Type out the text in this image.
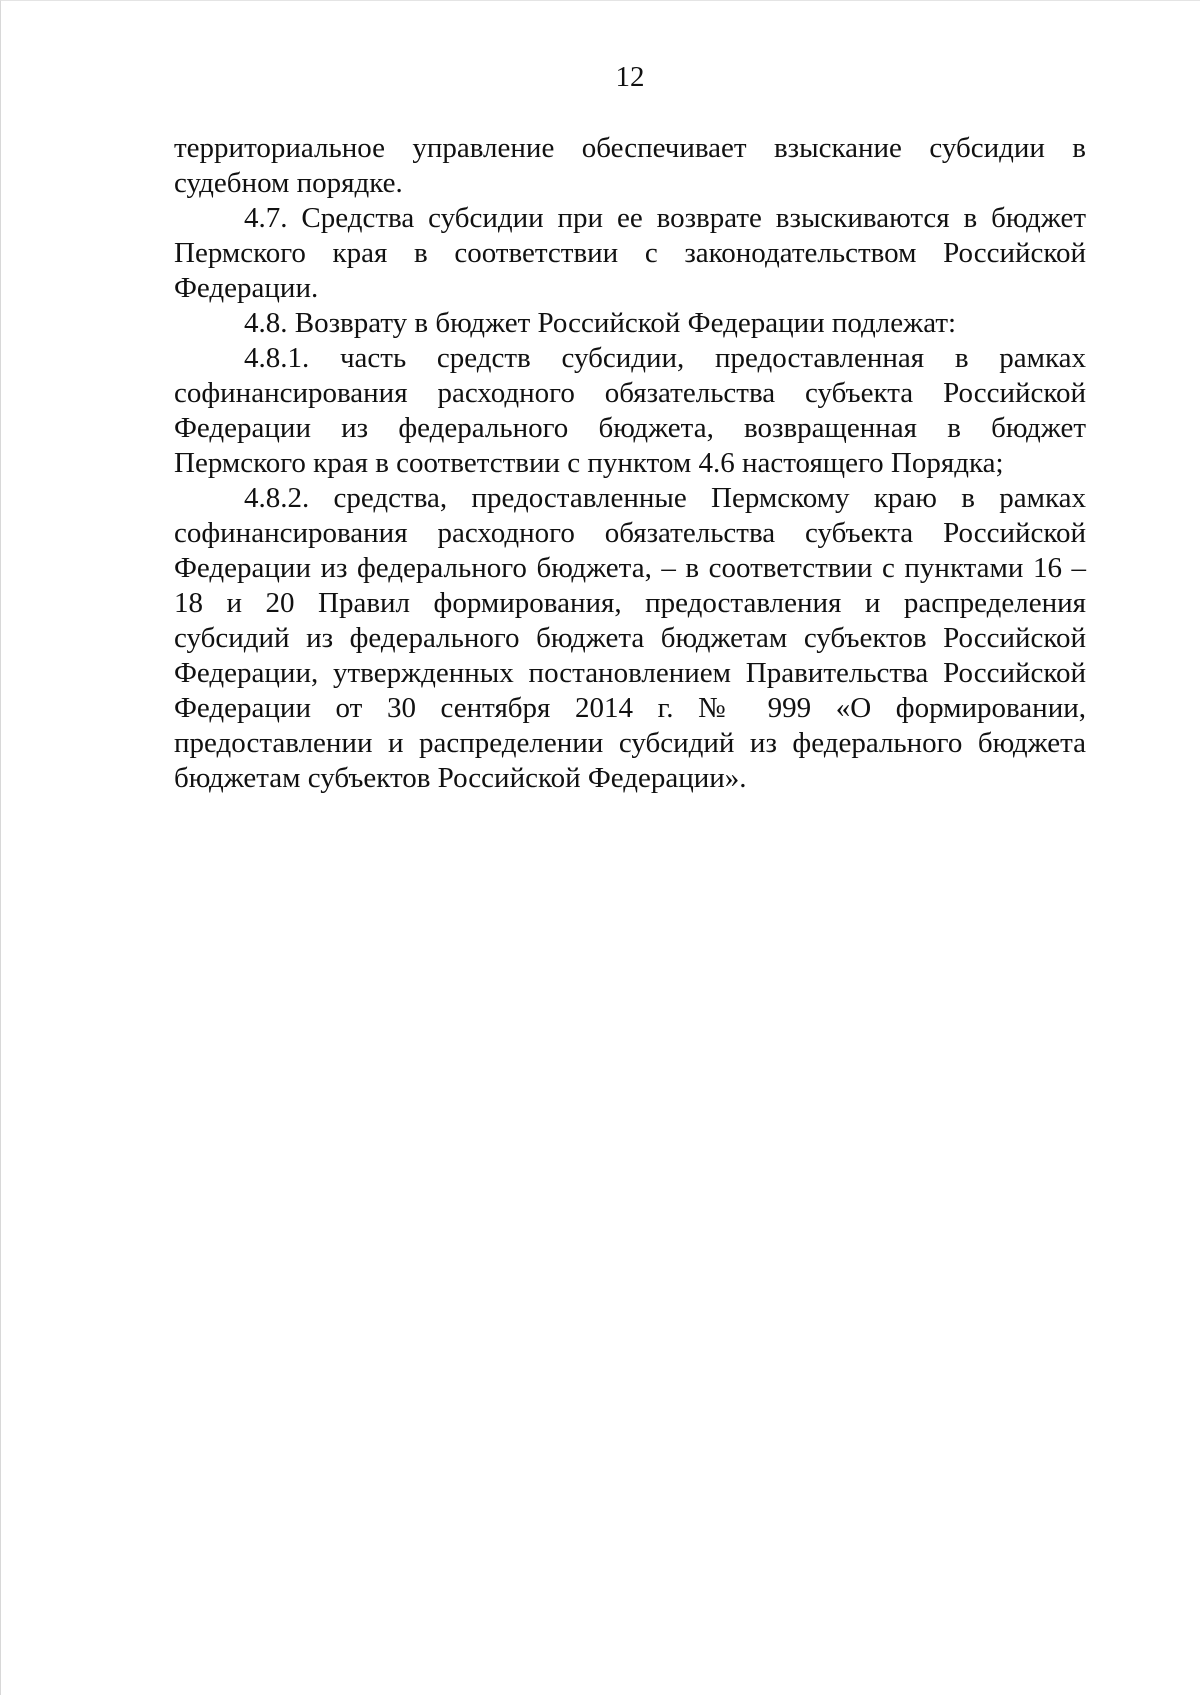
12

территориальное управление обеспечивает взыскание субсидии в судебном порядке.

4.7. Средства субсидии при ее возврате взыскиваются в бюджет Пермского края в соответствии с законодательством Российской Федерации.

4.8. Возврату в бюджет Российской Федерации подлежат:

4.8.1. часть средств субсидии, предоставленная в рамках софинансирования расходного обязательства субъекта Российской Федерации из федерального бюджета, возвращенная в бюджет Пермского края в соответствии с пунктом 4.6 настоящего Порядка;

4.8.2. средства, предоставленные Пермскому краю в рамках софинансирования расходного обязательства субъекта Российской Федерации из федерального бюджета, – в соответствии с пунктами 16 – 18 и 20 Правил формирования, предоставления и распределения субсидий из федерального бюджета бюджетам субъектов Российской Федерации, утвержденных постановлением Правительства Российской Федерации от 30 сентября 2014 г. № 999 «О формировании, предоставлении и распределении субсидий из федерального бюджета бюджетам субъектов Российской Федерации».
